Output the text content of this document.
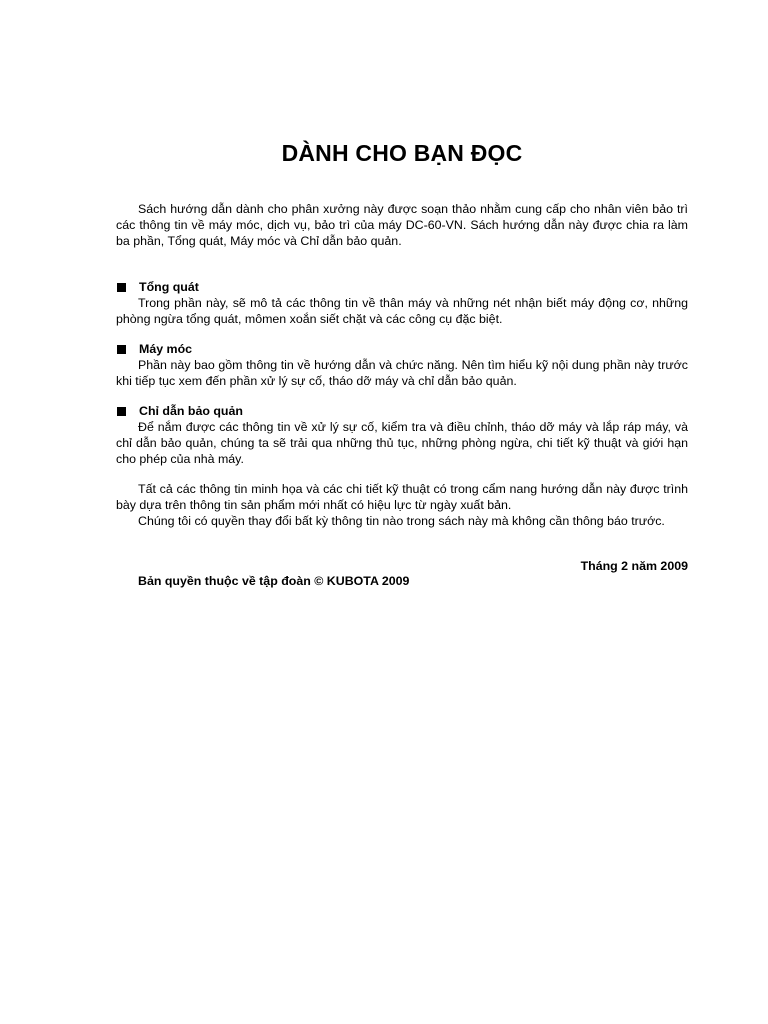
DÀNH CHO BẠN ĐỌC
Sách hướng dẫn dành cho phân xưởng này được soạn thảo nhằm cung cấp cho nhân viên bảo trì các thông tin về máy móc, dịch vụ, bảo trì của máy DC-60-VN. Sách hướng dẫn này được chia ra làm ba phần, Tổng quát, Máy móc và Chỉ dẫn bảo quản.
Tổng quát
Trong phần này, sẽ mô tả các thông tin về thân máy và những nét nhận biết máy động cơ, những phòng ngừa tổng quát, mômen xoắn siết chặt và các công cụ đặc biệt.
Máy móc
Phần này bao gồm thông tin về hướng dẫn và chức năng. Nên tìm hiểu kỹ nội dung phần này trước khi tiếp tục xem đến phần xử lý sự cố, tháo dỡ máy và chỉ dẫn bảo quản.
Chỉ dẫn bảo quản
Để nắm được các thông tin về xử lý sự cố, kiểm tra và điều chỉnh, tháo dỡ máy và lắp ráp máy, và chỉ dẫn bảo quản, chúng ta sẽ trải qua những thủ tục, những phòng ngừa, chi tiết kỹ thuật và giới hạn cho phép của nhà máy.

Tất cả các thông tin minh họa và các chi tiết kỹ thuật có trong cẩm nang hướng dẫn này được trình bày dựa trên thông tin sản phẩm mới nhất có hiệu lực từ ngày xuất bản.

Chúng tôi có quyền thay đổi bất kỳ thông tin nào trong sách này mà không cần thông báo trước.

Tháng 2 năm 2009
Bản quyền thuộc về tập đoàn © KUBOTA 2009
